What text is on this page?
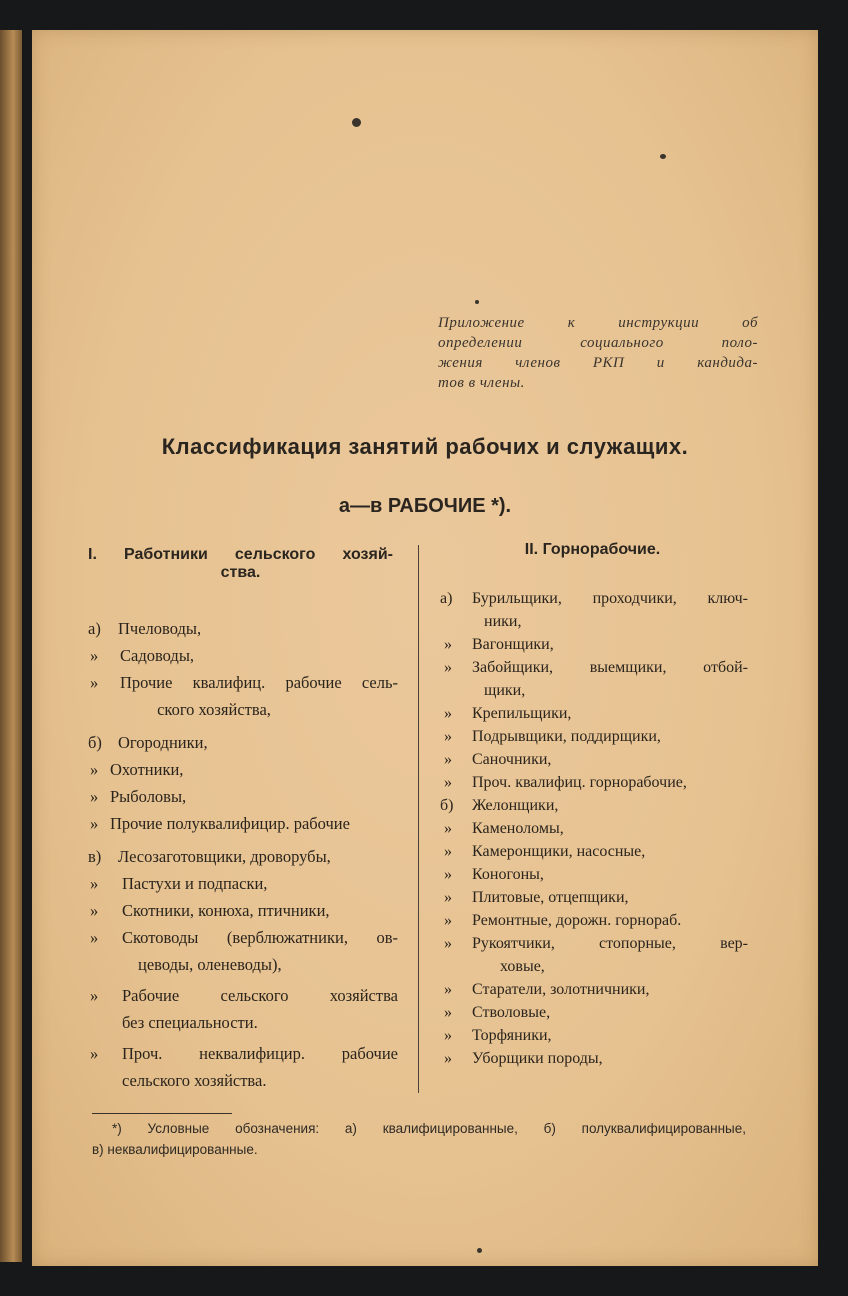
Приложение к инструкции об
определении социального поло-
жения членов РКП и кандида-
тов в члены.
Классификация занятий рабочих и служащих.
а—в РАБОЧИЕ *).
I. Работники сельского хозяй-
ства.
II. Горнорабочие.
а)	Пчеловоды,
»	Садоводы,
»	Прочие квалифиц. рабочие сель-
ского хозяйства,
б) Огородники,
» Охотники,
» Рыболовы,
» Прочие полуквалифицир. рабочие
в)	Лесозаготовщики, дроворубы,
»	Пастухи и подпаски,
»	Скотники, конюха, птичники,
»	Скотоводы (верблюжатники, ов-
цеводы, оленеводы),
»	Рабочие сельского хозяйства
без специальности.
»	Проч. неквалифицир. рабочие
сельского хозяйства.
а)	Бурильщики, проходчики, ключ-
ники,
»	Вагонщики,
»	Забойщики, выемщики, отбой-
щики,
»	Крепильщики,
»	Подрывщики, поддирщики,
»	Саночники,
»	Проч. квалифиц. горнорабочие,
б)	Желонщики,
»	Каменоломы,
»	Камеронщики, насосные,
»	Коногоны,
»	Плитовые, отцепщики,
»	Ремонтные, дорожн. горнораб.
»	Рукоятчики, стопорные, вер-
ховые,
»	Старатели, золотничники,
»	Стволовые,
»	Торфяники,
»	Уборщики породы,
*) Условные обозначения: а) квалифицированные, б) полуквалифицированные,
в) неквалифицированные.
